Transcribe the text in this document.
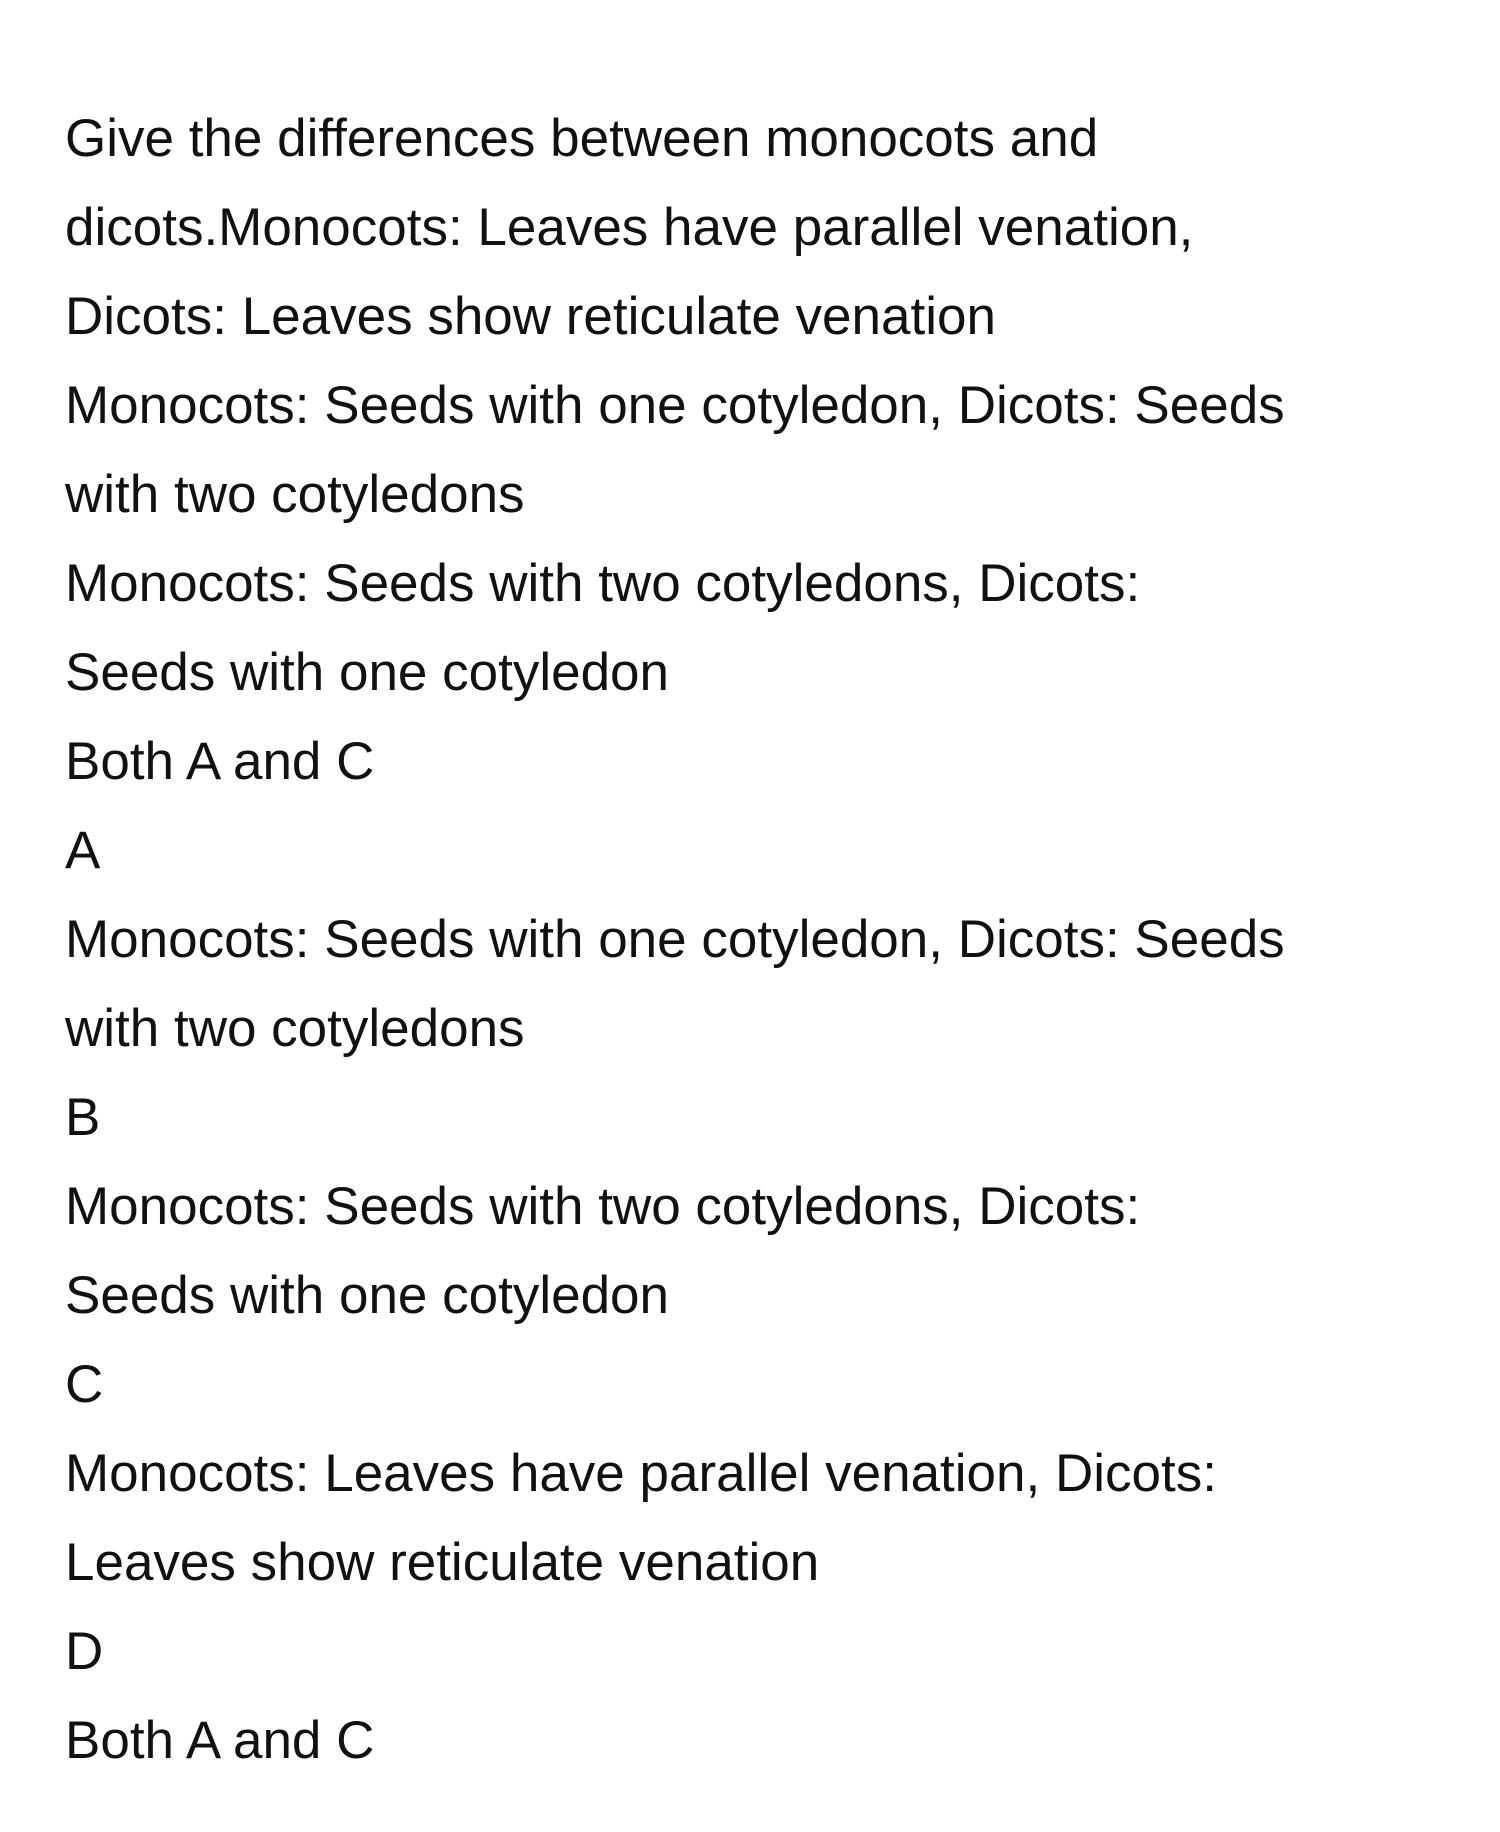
Give the differences between monocots and
dicots.Monocots: Leaves have parallel venation,
Dicots: Leaves show reticulate venation
Monocots: Seeds with one cotyledon, Dicots: Seeds
with two cotyledons
Monocots: Seeds with two cotyledons, Dicots:
Seeds with one cotyledon
Both A and C
A
Monocots: Seeds with one cotyledon, Dicots: Seeds
with two cotyledons
B
Monocots: Seeds with two cotyledons, Dicots:
Seeds with one cotyledon
C
Monocots: Leaves have parallel venation, Dicots:
Leaves show reticulate venation
D
Both A and C
